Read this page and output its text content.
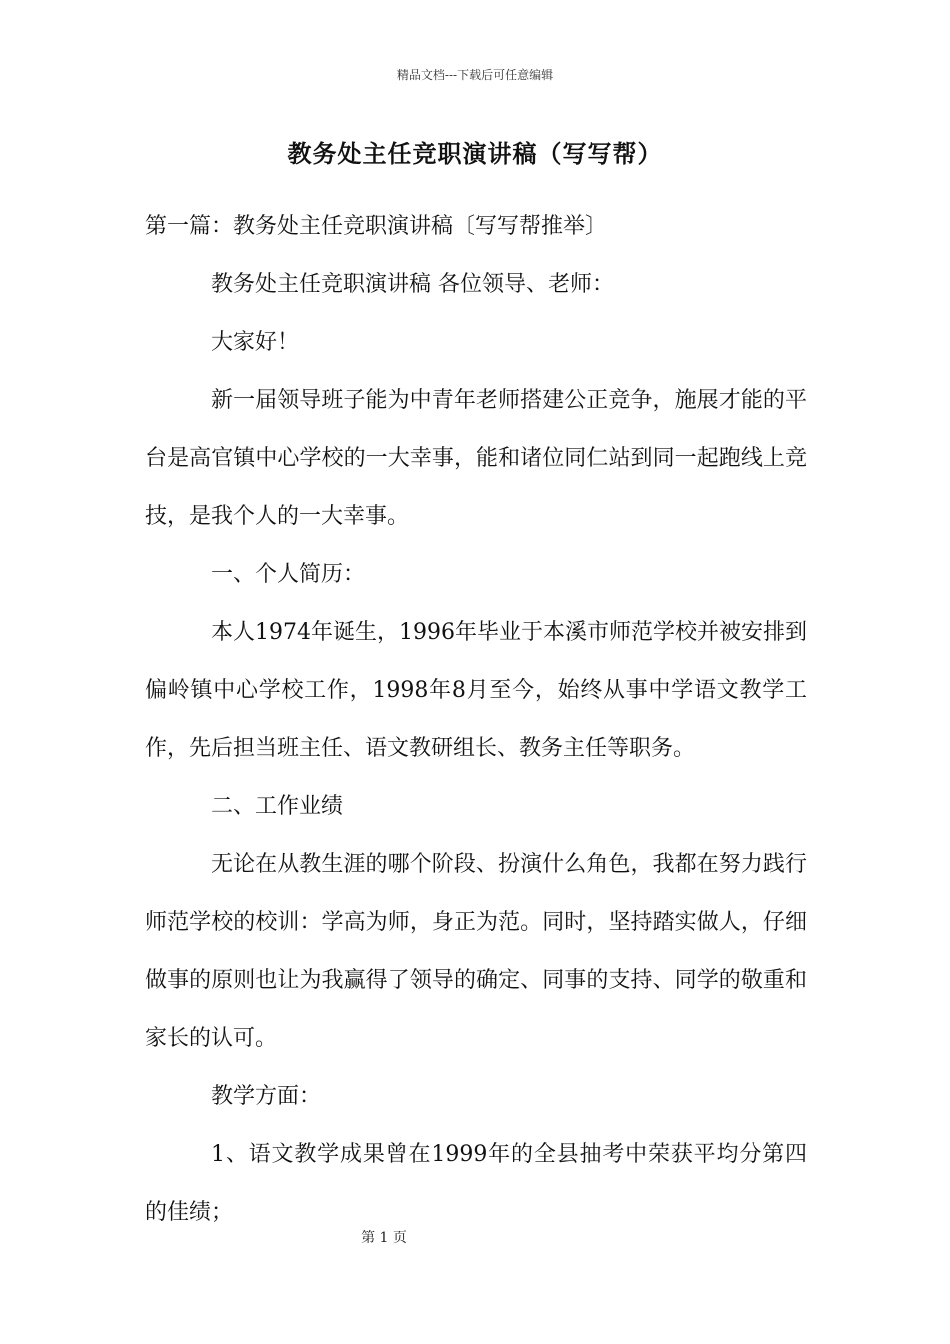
精品文档---下载后可任意编辑
教务处主任竞职演讲稿（写写帮）

第一篇：教务处主任竞职演讲稿〔写写帮推举〕

教务处主任竞职演讲稿 各位领导、老师：

大家好！

新一届领导班子能为中青年老师搭建公正竞争，施展才能的平台是高官镇中心学校的一大幸事，能和诸位同仁站到同一起跑线上竞技，是我个人的一大幸事。

一、个人简历：

本人1974年诞生，1996年毕业于本溪市师范学校并被安排到偏岭镇中心学校工作，1998年8月至今，始终从事中学语文教学工作，先后担当班主任、语文教研组长、教务主任等职务。

二、工作业绩

无论在从教生涯的哪个阶段、扮演什么角色，我都在努力践行师范学校的校训：学高为师，身正为范。同时，坚持踏实做人，仔细做事的原则也让为我赢得了领导的确定、同事的支持、同学的敬重和家长的认可。

教学方面：

1、语文教学成果曾在1999年的全县抽考中荣获平均分第四的佳绩；

第 1 页
